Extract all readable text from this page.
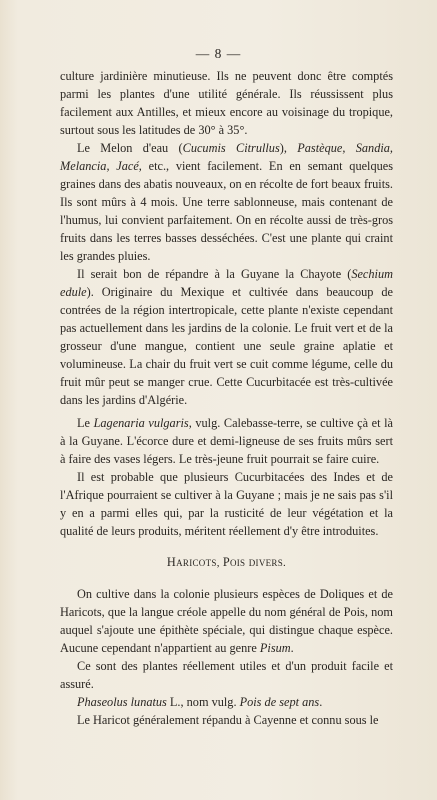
— 8 —

culture jardinière minutieuse. Ils ne peuvent donc être comptés parmi les plantes d'une utilité générale. Ils réussissent plus facilement aux Antilles, et mieux encore au voisinage du tropique, surtout sous les latitudes de 30° à 35°.

Le Melon d'eau (Cucumis Citrullus), Pastèque, Sandia, Melancia, Jacé, etc., vient facilement. En en semant quelques graines dans des abatis nouveaux, on en récolte de fort beaux fruits. Ils sont mûrs à 4 mois. Une terre sablonneuse, mais contenant de l'humus, lui convient parfaitement. On en récolte aussi de très-gros fruits dans les terres basses desséchées. C'est une plante qui craint les grandes pluies.

Il serait bon de répandre à la Guyane la Chayote (Sechium edule). Originaire du Mexique et cultivée dans beaucoup de contrées de la région intertropicale, cette plante n'existe cependant pas actuellement dans les jardins de la colonie. Le fruit vert et de la grosseur d'une mangue, contient une seule graine aplatie et volumineuse. La chair du fruit vert se cuit comme légume, celle du fruit mûr peut se manger crue. Cette Cucurbitacée est très-cultivée dans les jardins d'Algérie.

Le Lagenaria vulgaris, vulg. Calebasse-terre, se cultive çà et là à la Guyane. L'écorce dure et demi-ligneuse de ses fruits mûrs sert à faire des vases légers. Le très-jeune fruit pourrait se faire cuire.

Il est probable que plusieurs Cucurbitacées des Indes et de l'Afrique pourraient se cultiver à la Guyane ; mais je ne sais pas s'il y en a parmi elles qui, par la rusticité de leur végétation et la qualité de leurs produits, méritent réellement d'y être introduites.

Haricots, Pois divers.

On cultive dans la colonie plusieurs espèces de Doliques et de Haricots, que la langue créole appelle du nom général de Pois, nom auquel s'ajoute une épithète spéciale, qui distingue chaque espèce. Aucune cependant n'appartient au genre Pisum.

Ce sont des plantes réellement utiles et d'un produit facile et assuré.

Phaseolus lunatus L., nom vulg. Pois de sept ans.

Le Haricot généralement répandu à Cayenne et connu sous le
